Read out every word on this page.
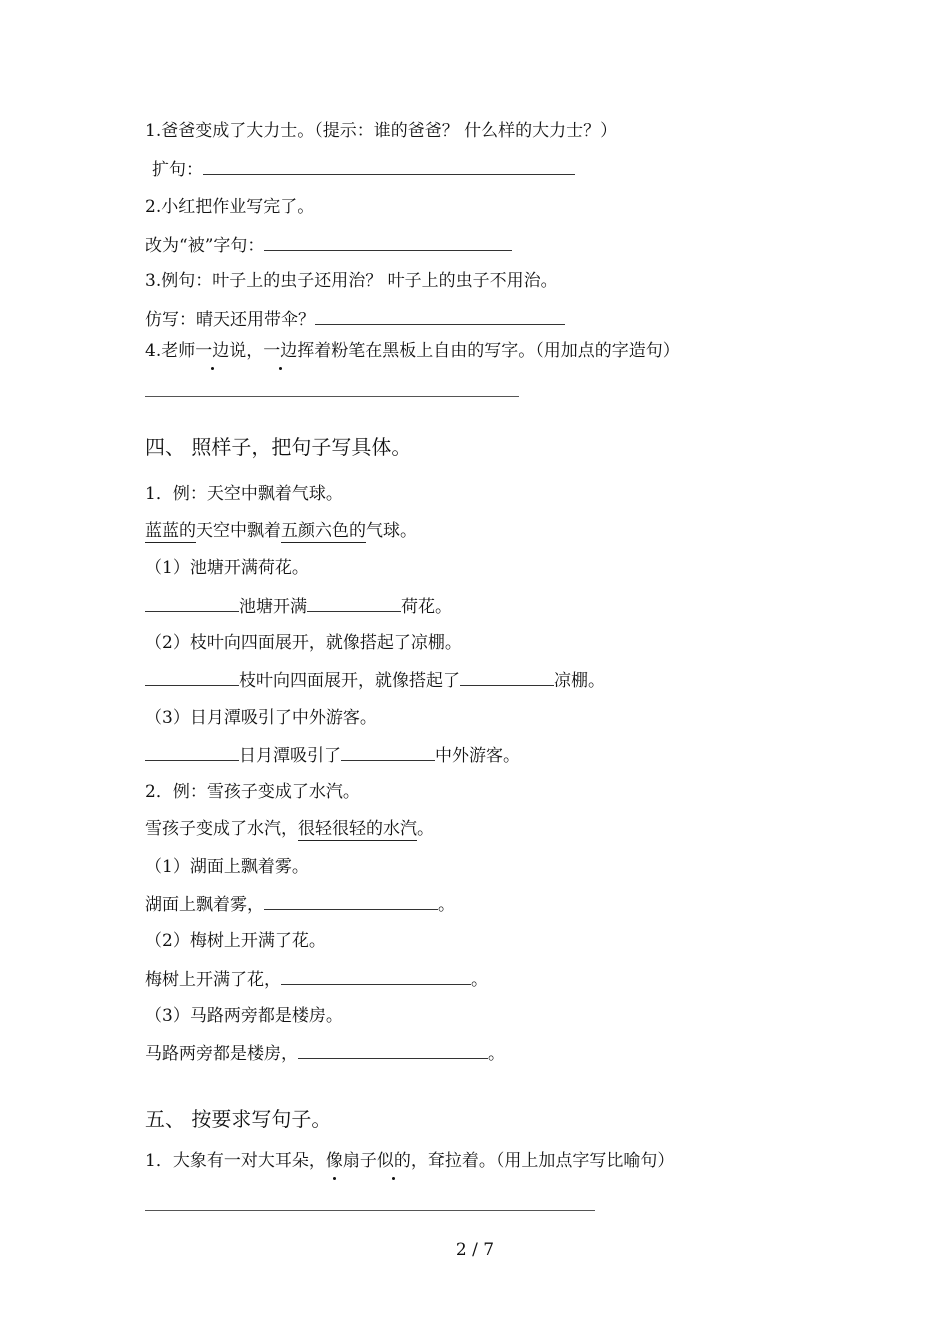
1.爸爸变成了大力士。（提示：谁的爸爸？ 什么样的大力士？）
扩句：
2.小红把作业写完了。
改为“被”字句：
3.例句：叶子上的虫子还用治？ 叶子上的虫子不用治。
仿写：晴天还用带伞？
4.老师一边说，一边挥着粉笔在黑板上自由的写字。（用加点的字造句）
四、 照样子，把句子写具体。
1．例：天空中飘着气球。
蓝蓝的天空中飘着五颜六色的气球。
（1）池塘开满荷花。
池塘开满	荷花。
（2）枝叶向四面展开，就像搭起了凉棚。
枝叶向四面展开，就像搭起了	凉棚。
（3）日月潭吸引了中外游客。
日月潭吸引了	中外游客。
2．例：雪孩子变成了水汽。
雪孩子变成了水汽，很轻很轻的水汽。
（1）湖面上飘着雾。
湖面上飘着雾，	。
（2）梅树上开满了花。
梅树上开满了花，	。
（3）马路两旁都是楼房。
马路两旁都是楼房，	。
五、 按要求写句子。
1．大象有一对大耳朵，像扇子似的，耷拉着。（用上加点字写比喻句）
2 / 7
